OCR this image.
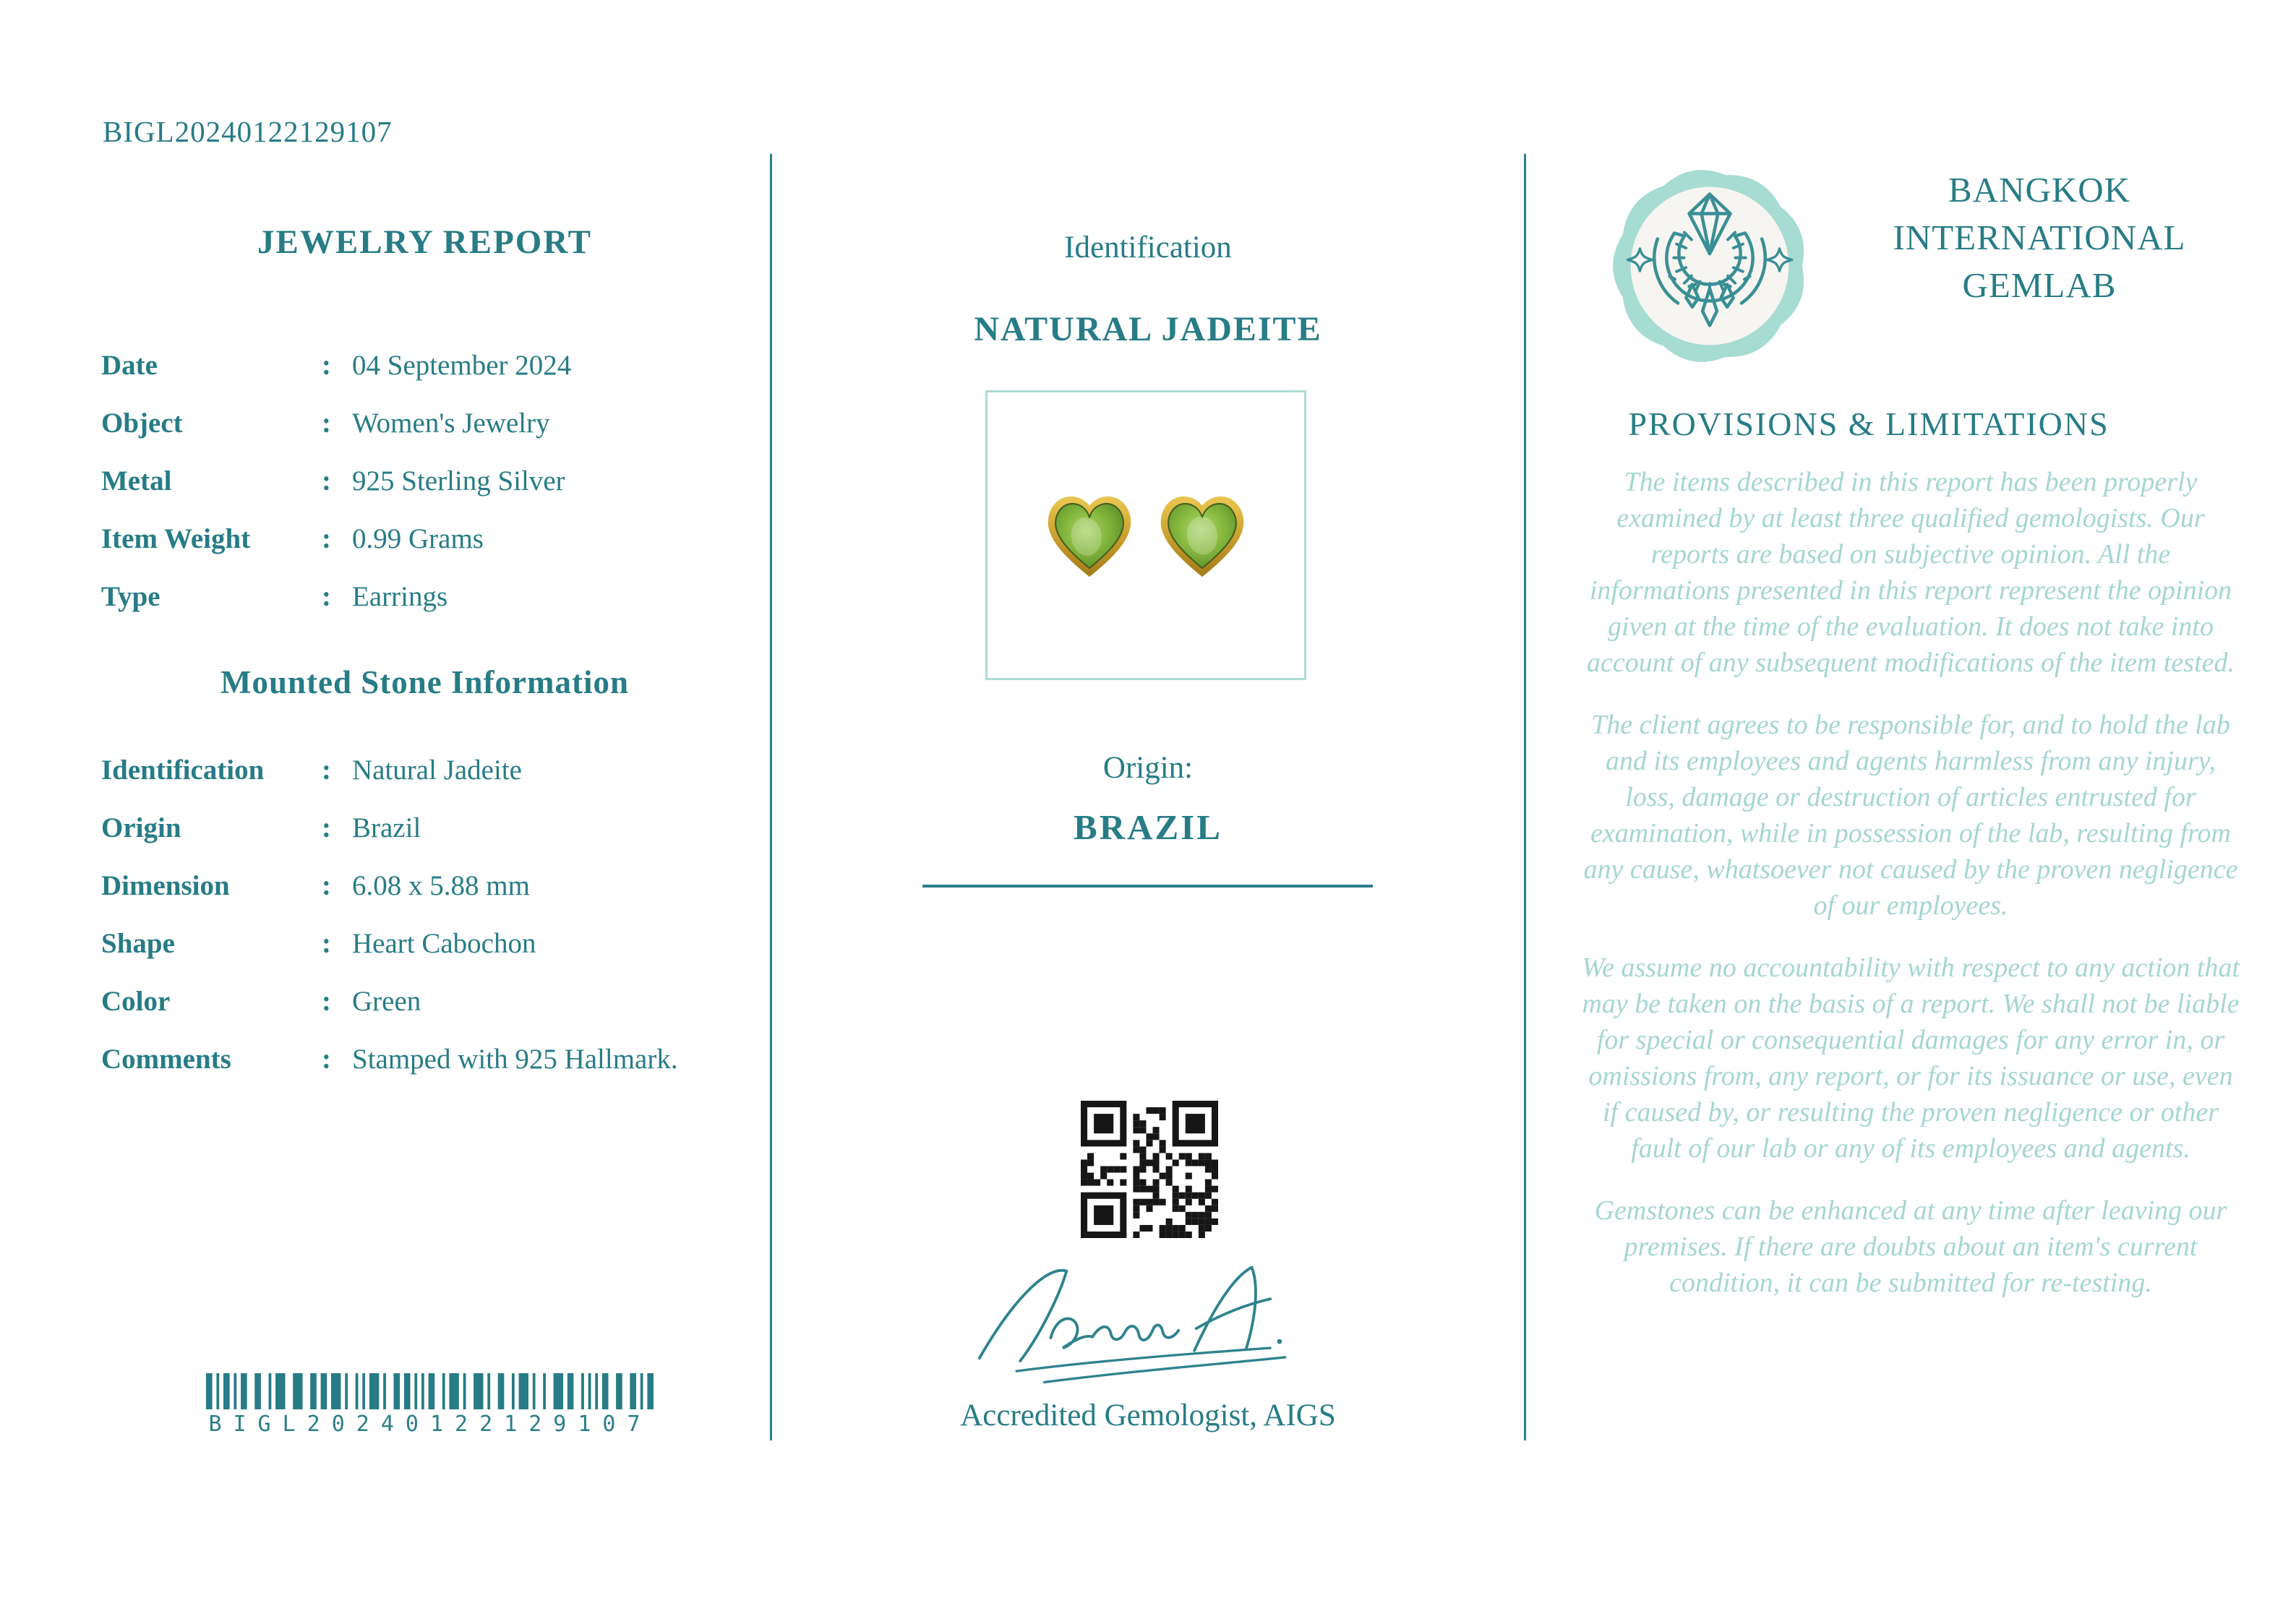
BIGL20240122129107
JEWELRY REPORT
Date	: 04 September 2024
Object	: Women's Jewelry
Metal	: 925 Sterling Silver
Item Weight	: 0.99 Grams
Type	: Earrings
Mounted Stone Information
Identification	: Natural Jadeite
Origin	: Brazil
Dimension	: 6.08 x 5.88 mm
Shape	: Heart Cabochon
Color	: Green
Comments	: Stamped with 925 Hallmark.
BIGL20240122129107
Identification
NATURAL JADEITE
Origin:
BRAZIL
Accredited Gemologist, AIGS
BANGKOK INTERNATIONAL GEMLAB
PROVISIONS & LIMITATIONS

The items described in this report has been properly examined by at least three qualified gemologists. Our reports are based on subjective opinion. All the informations presented in this report represent the opinion given at the time of the evaluation. It does not take into account of any subsequent modifications of the item tested.

The client agrees to be responsible for, and to hold the lab and its employees and agents harmless from any injury, loss, damage or destruction of articles entrusted for examination, while in possession of the lab, resulting from any cause, whatsoever not caused by the proven negligence of our employees.

We assume no accountability with respect to any action that may be taken on the basis of a report. We shall not be liable for special or consequential damages for any error in, or omissions from, any report, or for its issuance or use, even if caused by, or resulting the proven negligence or other fault of our lab or any of its employees and agents.

Gemstones can be enhanced at any time after leaving our premises. If there are doubts about an item's current condition, it can be submitted for re-testing.
